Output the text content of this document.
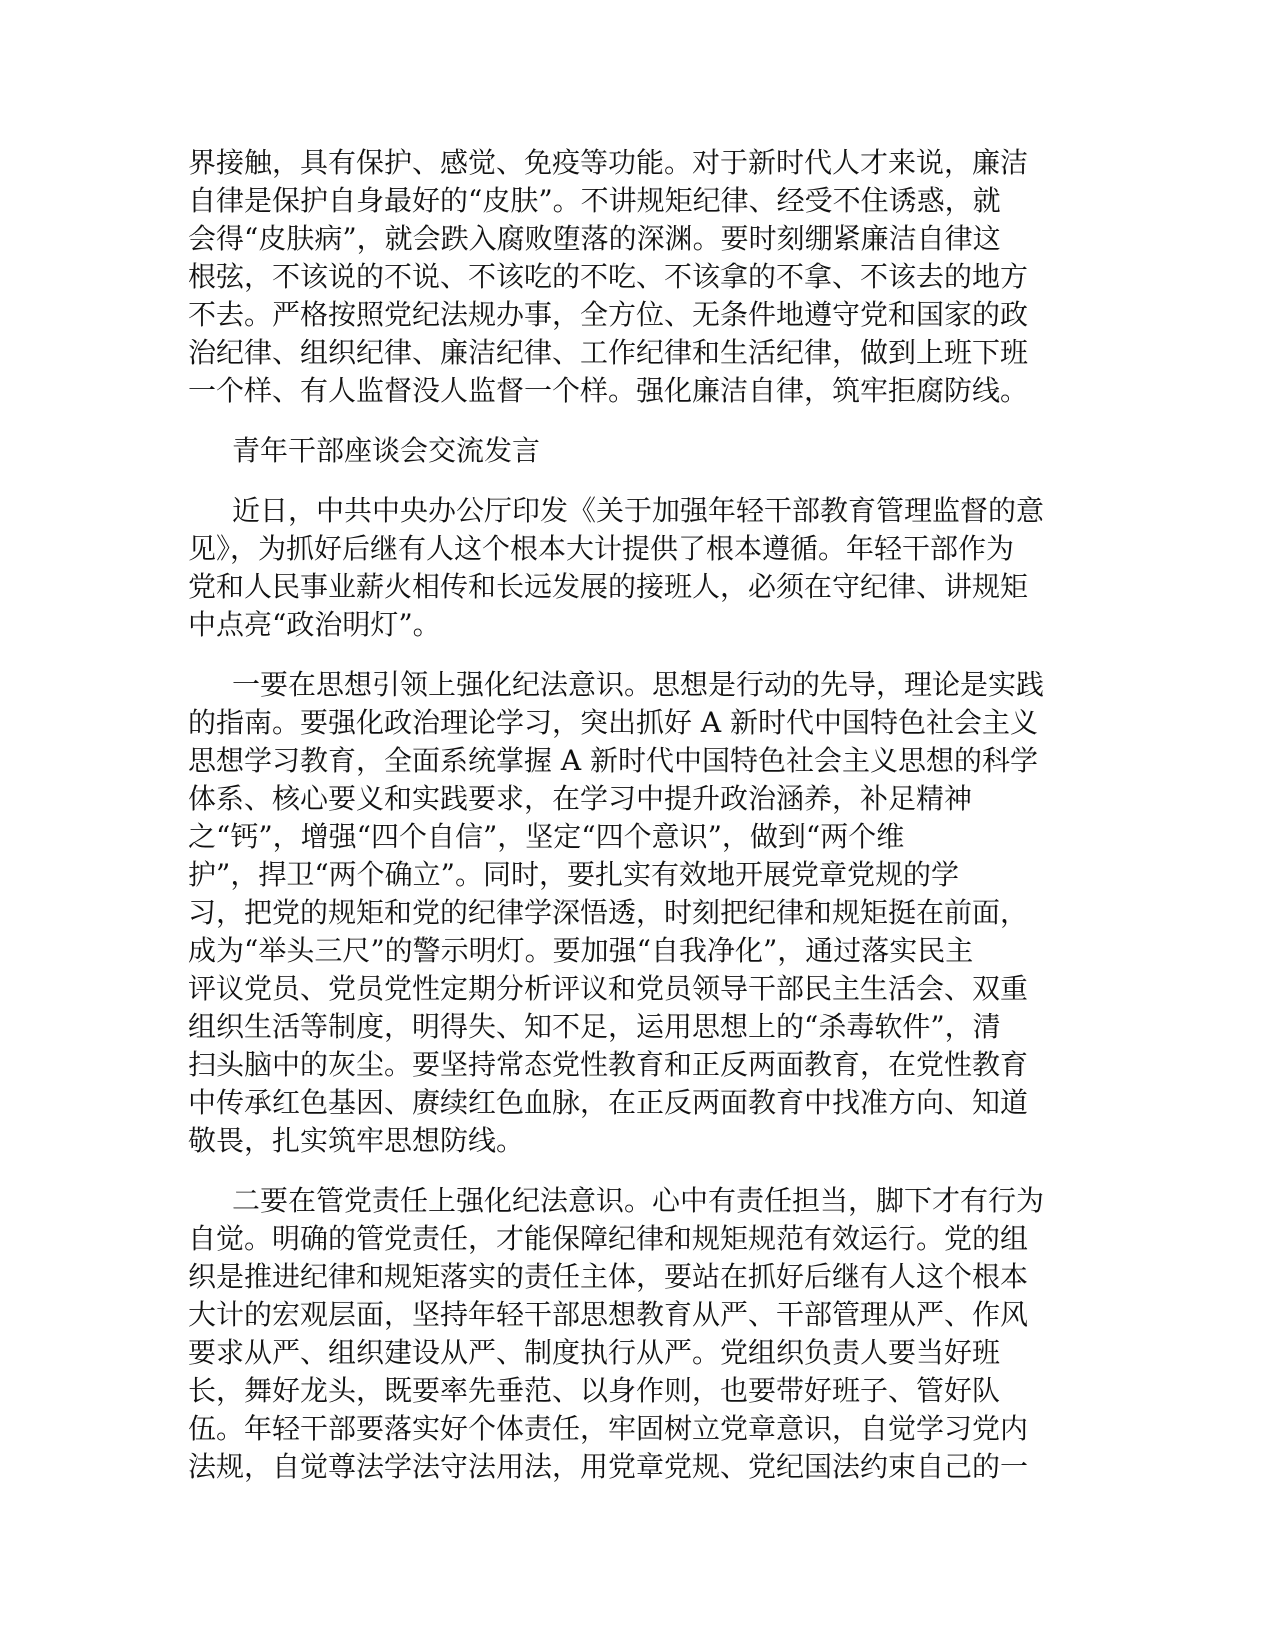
界接触，具有保护、感觉、免疫等功能。对于新时代人才来说，廉洁
自律是保护自身最好的“皮肤”。不讲规矩纪律、经受不住诱惑，就
会得“皮肤病”，就会跌入腐败堕落的深渊。要时刻绷紧廉洁自律这
根弦，不该说的不说、不该吃的不吃、不该拿的不拿、不该去的地方
不去。严格按照党纪法规办事，全方位、无条件地遵守党和国家的政
治纪律、组织纪律、廉洁纪律、工作纪律和生活纪律，做到上班下班
一个样、有人监督没人监督一个样。强化廉洁自律，筑牢拒腐防线。
青年干部座谈会交流发言
近日，中共中央办公厅印发《关于加强年轻干部教育管理监督的意
见》，为抓好后继有人这个根本大计提供了根本遵循。年轻干部作为
党和人民事业薪火相传和长远发展的接班人，必须在守纪律、讲规矩
中点亮“政治明灯”。
一要在思想引领上强化纪法意识。思想是行动的先导，理论是实践
的指南。要强化政治理论学习，突出抓好 A 新时代中国特色社会主义
思想学习教育，全面系统掌握 A 新时代中国特色社会主义思想的科学
体系、核心要义和实践要求，在学习中提升政治涵养，补足精神
之“钙”，增强“四个自信”，坚定“四个意识”，做到“两个维
护”，捍卫“两个确立”。同时，要扎实有效地开展党章党规的学
习，把党的规矩和党的纪律学深悟透，时刻把纪律和规矩挺在前面，
成为“举头三尺”的警示明灯。要加强“自我净化”，通过落实民主
评议党员、党员党性定期分析评议和党员领导干部民主生活会、双重
组织生活等制度，明得失、知不足，运用思想上的“杀毒软件”，清
扫头脑中的灰尘。要坚持常态党性教育和正反两面教育，在党性教育
中传承红色基因、赓续红色血脉，在正反两面教育中找准方向、知道
敬畏，扎实筑牢思想防线。
二要在管党责任上强化纪法意识。心中有责任担当，脚下才有行为
自觉。明确的管党责任，才能保障纪律和规矩规范有效运行。党的组
织是推进纪律和规矩落实的责任主体，要站在抓好后继有人这个根本
大计的宏观层面，坚持年轻干部思想教育从严、干部管理从严、作风
要求从严、组织建设从严、制度执行从严。党组织负责人要当好班
长，舞好龙头，既要率先垂范、以身作则，也要带好班子、管好队
伍。年轻干部要落实好个体责任，牢固树立党章意识，自觉学习党内
法规，自觉尊法学法守法用法，用党章党规、党纪国法约束自己的一
